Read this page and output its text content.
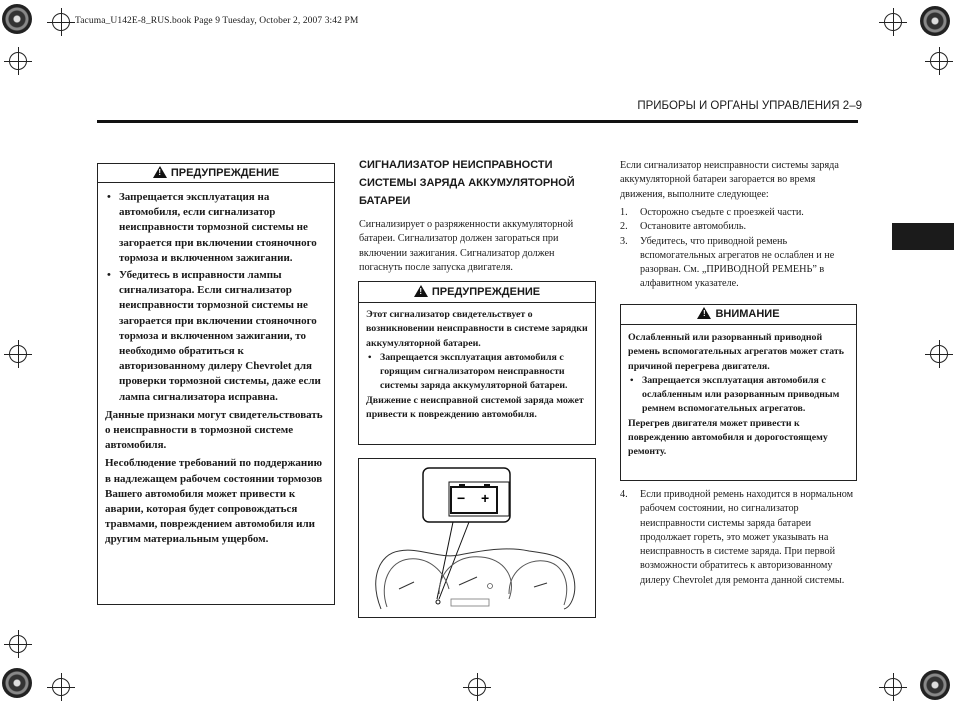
Tacuma_U142E-8_RUS.book Page 9 Tuesday, October 2, 2007 3:42 PM
ПРИБОРЫ И ОРГАНЫ УПРАВЛЕНИЯ 2–9
!ПРЕДУПРЕЖДЕНИЕ
• Запрещается эксплуатация на автомобиля, если сигнализатор неисправности тормозной системы не загорается при включении стояночного тормоза и включенном зажигании.
• Убедитесь в исправности лампы сигнализатора. Если сигнализатор неисправности тормозной системы не загорается при включении стояночного тормоза и включенном зажигании, то необходимо обратиться к авторизованному дилеру Chevrolet для проверки тормозной системы, даже если лампа сигнализатора исправна.

Данные признаки могут свидетельствовать о неисправности в тормозной системе автомобиля.

Несоблюдение требований по поддержанию в надлежащем рабочем состоянии тормозов Вашего автомобиля может привести к аварии, которая будет сопровождаться травмами, повреждением автомобиля или другим материальным ущербом.

СИГНАЛИЗАТОР НЕИСПРАВНОСТИ СИСТЕМЫ ЗАРЯДА АККУМУЛЯТОРНОЙ БАТАРЕИ
Сигнализирует о разряженности аккумуляторной батареи. Сигнализатор должен загораться при включении зажигания. Сигнализатор должен погаснуть после запуска двигателя.
!ПРЕДУПРЕЖДЕНИЕ

Этот сигнализатор свидетельствует о возникновении неисправности в системе зарядки аккумуляторной батареи.

• Запрещается эксплуатация автомобиля с горящим сигнализатором неисправности системы заряда аккумуляторной батареи.

Движение с неисправной системой заряда может привести к повреждению автомобиля.

− +
Если сигнализатор неисправности системы заряда аккумуляторной батареи загорается во время движения, выполните следующее:
1. Осторожно съедьте с проезжей части.
2. Остановите автомобиль.
3. Убедитесь, что приводной ремень вспомогательных агрегатов не ослаблен и не разорван. См. „ПРИВОДНОЙ РЕМЕНЬ” в алфавитном указателе.
!ВНИМАНИЕ

Ослабленный или разорванный приводной ремень вспомогательных агрегатов может стать причиной перегрева двигателя.

• Запрещается эксплуатация автомобиля с ослабленным или разорванным приводным ремнем вспомогательных агрегатов.

Перегрев двигателя может привести к повреждению автомобиля и дорогостоящему ремонту.

4. Если приводной ремень находится в нормальном рабочем состоянии, но сигнализатор неисправности системы заряда батареи продолжает гореть, это может указывать на неисправность в системе заряда. При первой возможности обратитесь к авторизованному дилеру Chevrolet для ремонта данной системы.
